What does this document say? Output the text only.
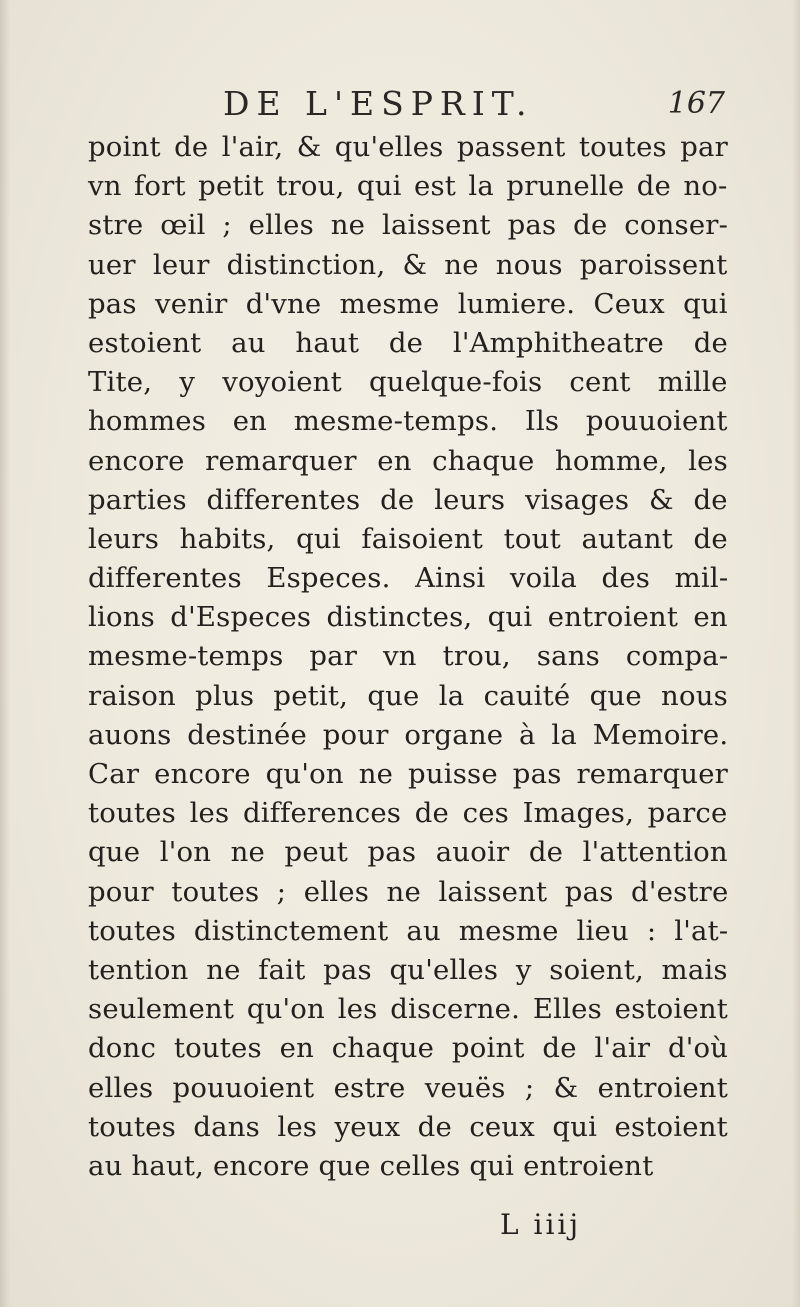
DE L'ESPRIT.	167
point de l'air, & qu'elles passent toutes par
vn fort petit trou, qui est la prunelle de no-
stre œil ; elles ne laissent pas de conser-
uer leur distinction, & ne nous paroissent
pas venir d'vne mesme lumiere. Ceux qui
estoient au haut de l'Amphitheatre de
Tite, y voyoient quelque-fois cent mille
hommes en mesme-temps. Ils pouuoient
encore remarquer en chaque homme, les
parties differentes de leurs visages & de
leurs habits, qui faisoient tout autant de
differentes Especes. Ainsi voila des mil-
lions d'Especes distinctes, qui entroient en
mesme-temps par vn trou, sans compa-
raison plus petit, que la cauité que nous
auons destinée pour organe à la Memoire.
Car encore qu'on ne puisse pas remarquer
toutes les differences de ces Images, parce
que l'on ne peut pas auoir de l'attention
pour toutes ; elles ne laissent pas d'estre
toutes distinctement au mesme lieu : l'at-
tention ne fait pas qu'elles y soient, mais
seulement qu'on les discerne. Elles estoient
donc toutes en chaque point de l'air d'où
elles pouuoient estre veuës ; & entroient
toutes dans les yeux de ceux qui estoient
au haut, encore que celles qui entroient
L iiij
